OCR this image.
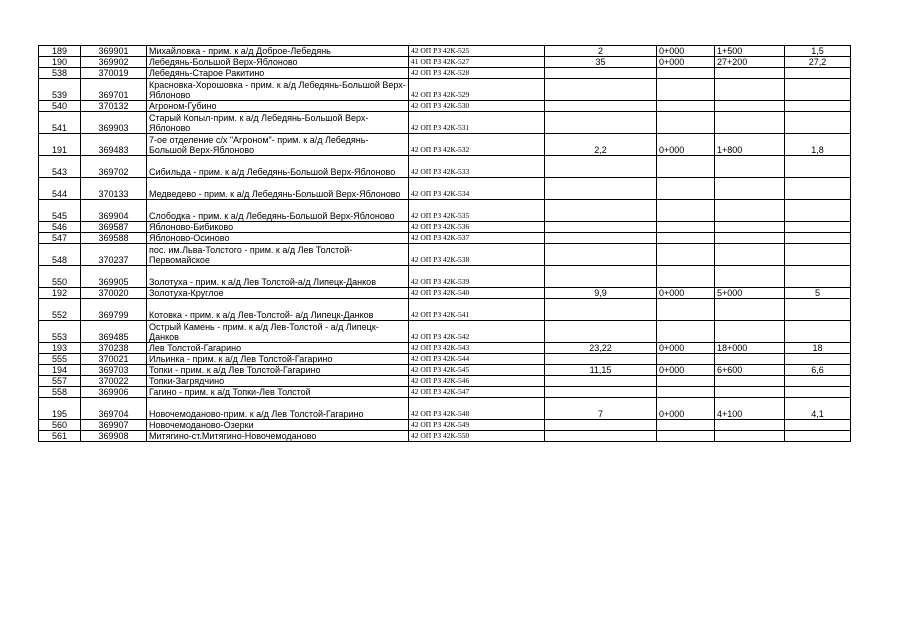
189	369901	Михайловка - прим. к а/д Доброе-Лебедянь	42 ОП РЗ 42К-525	2	0+000	1+500	1,5
190	369902	Лебедянь-Большой Верх-Яблоново	41 ОП РЗ 42К-527	35	0+000	27+200	27,2
538	370019	Лебедянь-Старое Ракитино	42 ОП РЗ 42К-528				
539	369701	Красновка-Хорошовка - прим. к а/д Лебедянь-Большой Верх-Яблоново	42 ОП РЗ 42К-529				
540	370132	Агроном-Губино	42 ОП РЗ 42К-530				
541	369903	Старый Копыл-прим. к а/д Лебедянь-Большой Верх-Яблоново	42 ОП РЗ 42К-531				
191	369483	7-ое отделение с/х "Агроном"- прим. к а/д Лебедянь-Большой Верх-Яблоново	42 ОП РЗ 42К-532	2,2	0+000	1+800	1,8
543	369702	Сибильда - прим. к а/д Лебедянь-Большой Верх-Яблоново	42 ОП РЗ 42К-533				
544	370133	Медведево - прим. к а/д Лебедянь-Большой Верх-Яблоново	42 ОП РЗ 42К-534				
545	369904	Слободка - прим. к а/д Лебедянь-Большой Верх-Яблоново	42 ОП РЗ 42К-535				
546	369587	Яблоново-Бибиково	42 ОП РЗ 42К-536				
547	369588	Яблоново-Осиново	42 ОП РЗ 42К-537				
548	370237	пос. им.Льва-Толстого - прим. к а/д Лев Толстой-Первомайское	42 ОП РЗ 42К-538				
550	369905	Золотуха - прим. к а/д Лев Толстой-а/д Липецк-Данков	42 ОП РЗ 42К-539				
192	370020	Золотуха-Круглое	42 ОП РЗ 42К-540	9,9	0+000	5+000	5
552	369799	Котовка - прим. к а/д Лев-Толстой- а/д Липецк-Данков	42 ОП РЗ 42К-541				
553	369485	Острый Камень - прим. к а/д Лев-Толстой - а/д Липецк-Данков	42 ОП РЗ 42К-542				
193	370238	Лев Толстой-Гагарино	42 ОП РЗ 42К-543	23,22	0+000	18+000	18
555	370021	Ильинка - прим. к а/д Лев Толстой-Гагарино	42 ОП РЗ 42К-544				
194	369703	Топки - прим. к а/д Лев Толстой-Гагарино	42 ОП РЗ 42К-545	11,15	0+000	6+600	6,6
557	370022	Топки-Загрядчино	42 ОП РЗ 42К-546				
558	369906	Гагино - прим. к а/д Топки-Лев Толстой	42 ОП РЗ 42К-547				
195	369704	Новочемоданово-прим. к а/д Лев Толстой-Гагарино	42 ОП РЗ 42К-548	7	0+000	4+100	4,1
560	369907	Новочемоданово-Озерки	42 ОП РЗ 42К-549				
561	369908	Митягино-ст.Митягино-Новочемоданово	42 ОП РЗ 42К-550				
